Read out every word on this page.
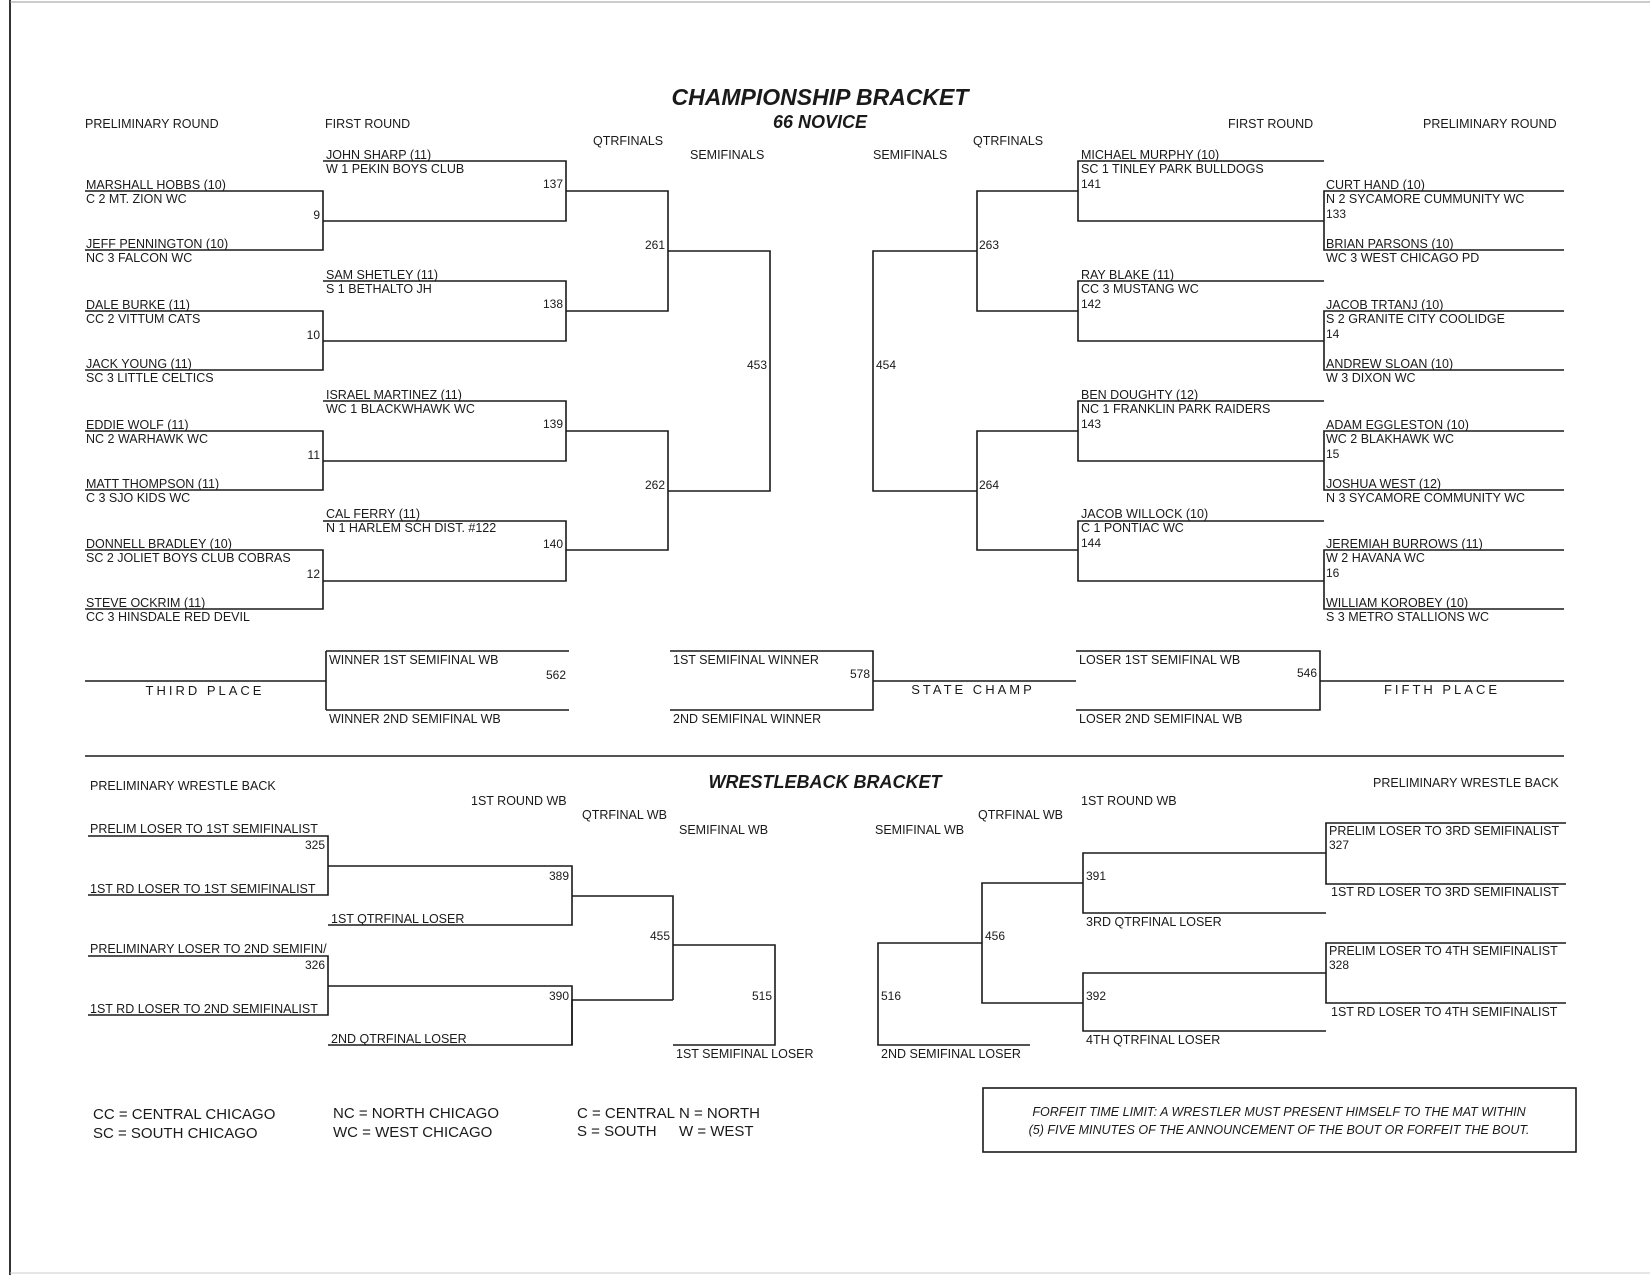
CHAMPIONSHIP BRACKET
66 NOVICE
PRELIMINARY ROUND	FIRST ROUND
QTRFINALS
SEMIFINALS	SEMIFINALS
QTRFINALS
FIRST ROUND	PRELIMINARY ROUND
MARSHALL HOBBS (10)
C 2 MT. ZION WC
JEFF PENNINGTON (10)
NC 3 FALCON WC
DALE BURKE (11)
CC 2 VITTUM CATS
JACK YOUNG (11)
SC 3 LITTLE CELTICS
EDDIE WOLF (11)
NC 2 WARHAWK WC
MATT THOMPSON (11)
C 3 SJO KIDS WC
DONNELL BRADLEY (10)
SC 2 JOLIET BOYS CLUB COBRAS
STEVE OCKRIM (11)
CC 3 HINSDALE RED DEVIL
9
10
11
12
JOHN SHARP (11)
W 1 PEKIN BOYS CLUB
SAM SHETLEY (11)
S 1 BETHALTO JH
ISRAEL MARTINEZ (11)
WC 1 BLACKWHAWK WC
CAL FERRY (11)
N 1 HARLEM SCH DIST. #122
137
138
139
140
261
262
453
CURT HAND (10)
N 2 SYCAMORE CUMMUNITY WC
133
BRIAN PARSONS (10)
WC 3 WEST CHICAGO PD
JACOB TRTANJ (10)
S 2 GRANITE CITY COOLIDGE
14
ANDREW SLOAN (10)
W 3 DIXON WC
ADAM EGGLESTON (10)
WC 2 BLAKHAWK WC
15
JOSHUA WEST (12)
N 3 SYCAMORE COMMUNITY WC
JEREMIAH BURROWS (11)
W 2 HAVANA WC
16
WILLIAM KOROBEY (10)
S 3 METRO STALLIONS WC
MICHAEL MURPHY (10)
SC 1 TINLEY PARK BULLDOGS
141
RAY BLAKE (11)
CC 3 MUSTANG WC
142
BEN DOUGHTY (12)
NC 1 FRANKLIN PARK RAIDERS
143
JACOB WILLOCK (10)
C 1 PONTIAC WC
144
263
264
454
WINNER 1ST SEMIFINAL WB
WINNER 2ND SEMIFINAL WB
562
THIRD PLACE
1ST SEMIFINAL WINNER
2ND SEMIFINAL WINNER
578
STATE CHAMP
LOSER 1ST SEMIFINAL WB
LOSER 2ND SEMIFINAL WB
546
FIFTH PLACE
WRESTLEBACK BRACKET
PRELIMINARY WRESTLE BACK
1ST ROUND WB
QTRFINAL WB
SEMIFINAL WB	SEMIFINAL WB
QTRFINAL WB
1ST ROUND WB
PRELIMINARY WRESTLE BACK
PRELIM LOSER TO 1ST SEMIFINALIST
1ST RD LOSER TO 1ST SEMIFINALIST
PRELIMINARY LOSER TO 2ND SEMIFIN/
1ST RD LOSER TO 2ND SEMIFINALIST
325
326
1ST QTRFINAL LOSER
2ND QTRFINAL LOSER
389
390
455
1ST SEMIFINAL LOSER
515
PRELIM LOSER TO 3RD SEMIFINALIST
327
1ST RD LOSER TO 3RD SEMIFINALIST
PRELIM LOSER TO 4TH SEMIFINALIST
328
1ST RD LOSER TO 4TH SEMIFINALIST
391
392
3RD QTRFINAL LOSER
4TH QTRFINAL LOSER
456
516
2ND SEMIFINAL LOSER
CC = CENTRAL CHICAGO
SC = SOUTH CHICAGO
NC = NORTH CHICAGO
WC = WEST CHICAGO
C = CENTRAL
S = SOUTH
N = NORTH
W = WEST
FORFEIT TIME LIMIT: A WRESTLER MUST PRESENT HIMSELF TO THE MAT WITHIN
(5) FIVE MINUTES OF THE ANNOUNCEMENT OF THE BOUT OR FORFEIT THE BOUT.
